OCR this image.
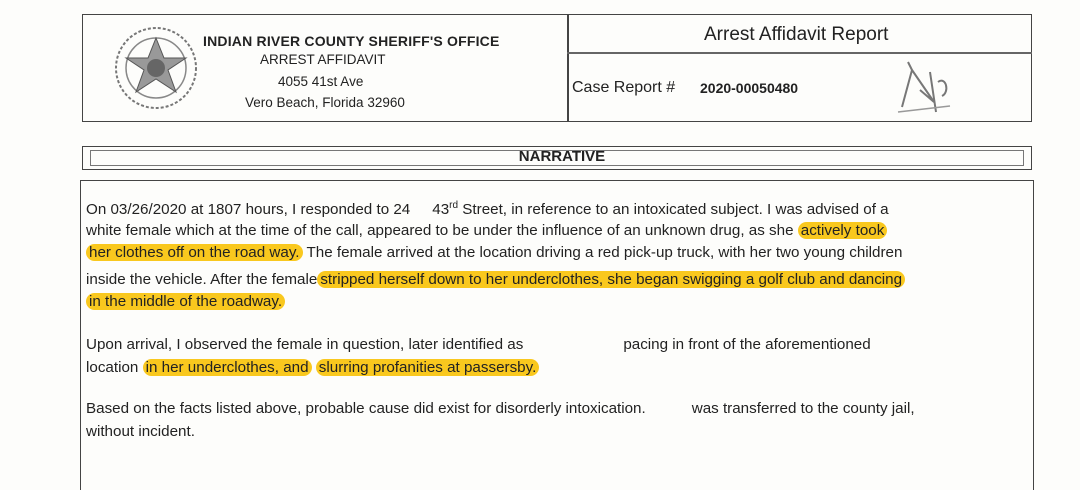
INDIAN RIVER COUNTY SHERIFF'S OFFICE
ARREST AFFIDAVIT
4055 41st Ave
Vero Beach, Florida 32960
Arrest Affidavit Report
Case Report # 2020-00050480
NARRATIVE
On 03/26/2020 at 1807 hours, I responded to 24 43rd Street, in reference to an intoxicated subject. I was advised of a
white female which at the time of the call, appeared to be under the influence of an unknown drug, as she actively took
her clothes off on the road way. The female arrived at the location driving a red pick-up truck, with her two young children
inside the vehicle. After the female stripped herself down to her underclothes, she began swigging a golf club and dancing
in the middle of the roadway.
Upon arrival, I observed the female in question, later identified as	pacing in front of the aforementioned
location in her underclothes, and slurring profanities at passersby.
Based on the facts listed above, probable cause did exist for disorderly intoxication.	was transferred to the county jail,
without incident.
